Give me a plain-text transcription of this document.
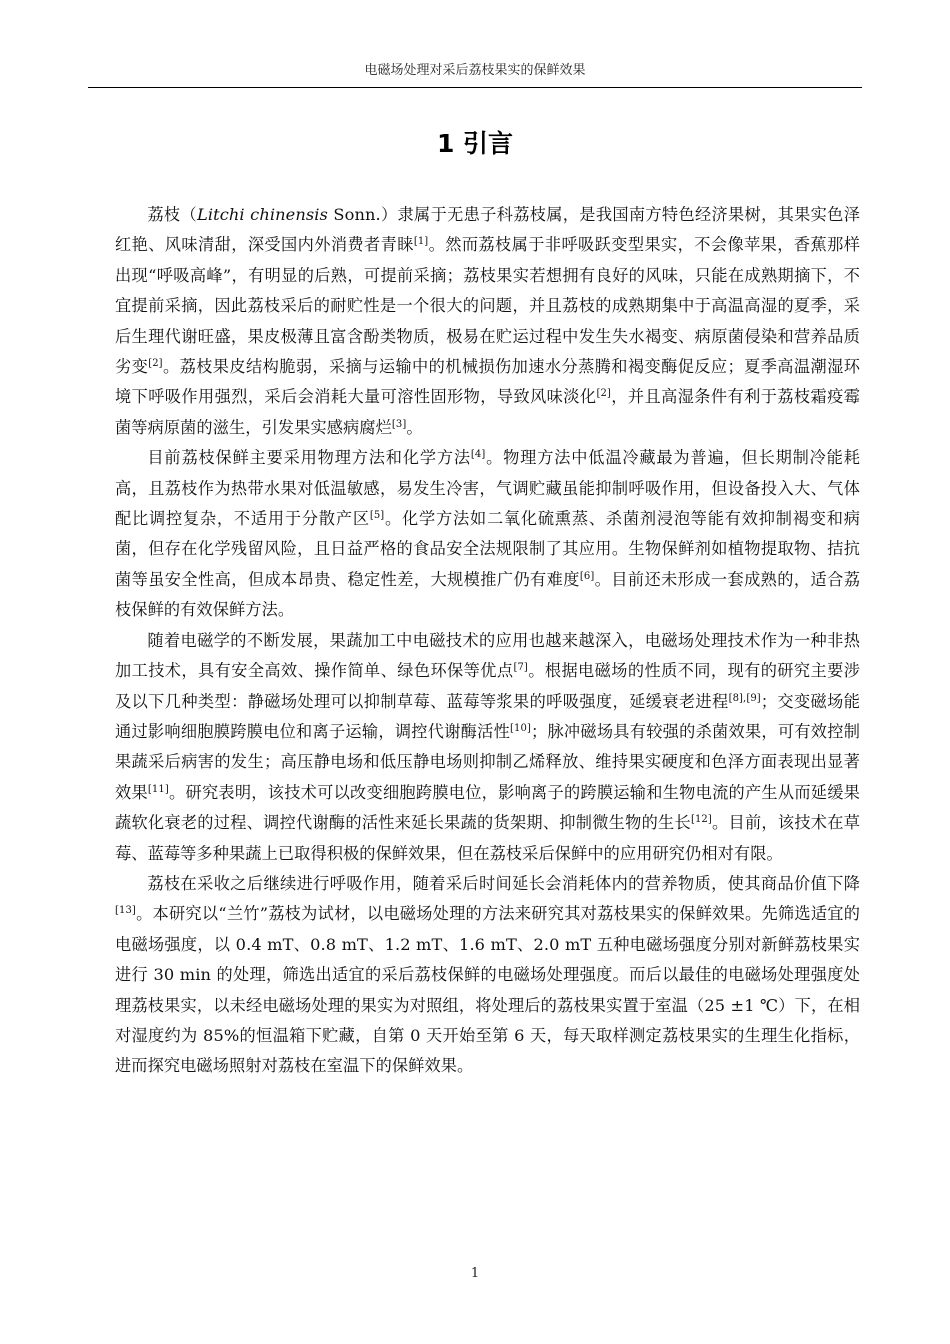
电磁场处理对采后荔枝果实的保鲜效果
1 引言

荔枝（Litchi chinensis Sonn.）隶属于无患子科荔枝属，是我国南方特色经济果树，其果实色泽红艳、风味清甜，深受国内外消费者青睐[1]。然而荔枝属于非呼吸跃变型果实，不会像苹果，香蕉那样出现“呼吸高峰”，有明显的后熟，可提前采摘；荔枝果实若想拥有良好的风味，只能在成熟期摘下，不宜提前采摘，因此荔枝采后的耐贮性是一个很大的问题，并且荔枝的成熟期集中于高温高湿的夏季，采后生理代谢旺盛，果皮极薄且富含酚类物质，极易在贮运过程中发生失水褐变、病原菌侵染和营养品质劣变[2]。荔枝果皮结构脆弱，采摘与运输中的机械损伤加速水分蒸腾和褐变酶促反应；夏季高温潮湿环境下呼吸作用强烈，采后会消耗大量可溶性固形物，导致风味淡化[2]，并且高湿条件有利于荔枝霜疫霉菌等病原菌的滋生，引发果实感病腐烂[3]。

目前荔枝保鲜主要采用物理方法和化学方法[4]。物理方法中低温冷藏最为普遍，但长期制冷能耗高，且荔枝作为热带水果对低温敏感，易发生冷害，气调贮藏虽能抑制呼吸作用，但设备投入大、气体配比调控复杂，不适用于分散产区[5]。化学方法如二氧化硫熏蒸、杀菌剂浸泡等能有效抑制褐变和病菌，但存在化学残留风险，且日益严格的食品安全法规限制了其应用。生物保鲜剂如植物提取物、拮抗菌等虽安全性高，但成本昂贵、稳定性差，大规模推广仍有难度[6]。目前还未形成一套成熟的，适合荔枝保鲜的有效保鲜方法。

随着电磁学的不断发展，果蔬加工中电磁技术的应用也越来越深入，电磁场处理技术作为一种非热加工技术，具有安全高效、操作简单、绿色环保等优点[7]。根据电磁场的性质不同，现有的研究主要涉及以下几种类型：静磁场处理可以抑制草莓、蓝莓等浆果的呼吸强度，延缓衰老进程[8],[9]；交变磁场能通过影响细胞膜跨膜电位和离子运输，调控代谢酶活性[10]；脉冲磁场具有较强的杀菌效果，可有效控制果蔬采后病害的发生；高压静电场和低压静电场则抑制乙烯释放、维持果实硬度和色泽方面表现出显著效果[11]。研究表明，该技术可以改变细胞跨膜电位，影响离子的跨膜运输和生物电流的产生从而延缓果蔬软化衰老的过程、调控代谢酶的活性来延长果蔬的货架期、抑制微生物的生长[12]。目前，该技术在草莓、蓝莓等多种果蔬上已取得积极的保鲜效果，但在荔枝采后保鲜中的应用研究仍相对有限。

荔枝在采收之后继续进行呼吸作用，随着采后时间延长会消耗体内的营养物质，使其商品价值下降[13]。本研究以“兰竹”荔枝为试材，以电磁场处理的方法来研究其对荔枝果实的保鲜效果。先筛选适宜的电磁场强度，以 0.4 mT、0.8 mT、1.2 mT、1.6 mT、2.0 mT 五种电磁场强度分别对新鲜荔枝果实进行 30 min 的处理，筛选出适宜的采后荔枝保鲜的电磁场处理强度。而后以最佳的电磁场处理强度处理荔枝果实，以未经电磁场处理的果实为对照组，将处理后的荔枝果实置于室温（25 ±1 ℃）下，在相对湿度约为 85%的恒温箱下贮藏，自第 0 天开始至第 6 天，每天取样测定荔枝果实的生理生化指标，进而探究电磁场照射对荔枝在室温下的保鲜效果。

1
